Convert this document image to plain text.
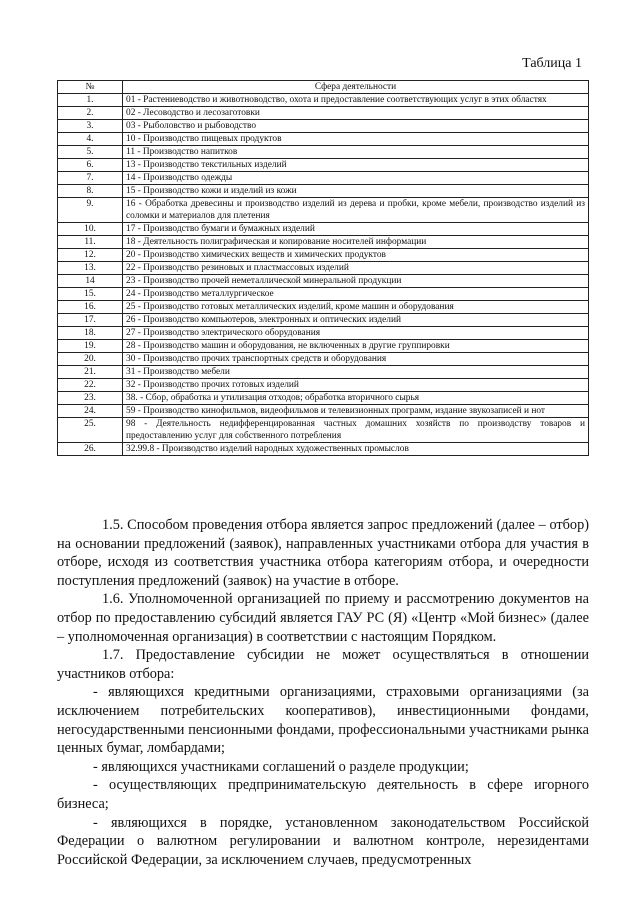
Таблица 1
№	Сфера деятельности
1.	01 - Растениеводство и животноводство, охота и предоставление соответствующих услуг в этих областях
2.	02 - Лесоводство и лесозаготовки
3.	03 - Рыболовство и рыбоводство
4.	10 - Производство пищевых продуктов
5.	11 - Производство напитков
6.	13 - Производство текстильных изделий
7.	14 - Производство одежды
8.	15 - Производство кожи и изделий из кожи
9.	16 - Обработка древесины и производство изделий из дерева и пробки, кроме мебели, производство изделий из соломки и материалов для плетения
10.	17 - Производство бумаги и бумажных изделий
11.	18 - Деятельность полиграфическая и копирование носителей информации
12.	20 - Производство химических веществ и химических продуктов
13.	22 - Производство резиновых и пластмассовых изделий
14	23 - Производство прочей неметаллической минеральной продукции
15.	24 - Производство металлургическое
16.	25 - Производство готовых металлических изделий, кроме машин и оборудования
17.	26 - Производство компьютеров, электронных и оптических изделий
18.	27 - Производство электрического оборудования
19.	28 - Производство машин и оборудования, не включенных в другие группировки
20.	30 - Производство прочих транспортных средств и оборудования
21.	31 - Производство мебели
22.	32 - Производство прочих готовых изделий
23.	38. - Сбор, обработка и утилизация отходов; обработка вторичного сырья
24.	59 - Производство кинофильмов, видеофильмов и телевизионных программ, издание звукозаписей и нот
25.	98 - Деятельность недифференцированная частных домашних хозяйств по производству товаров и предоставлению услуг для собственного потребления
26.	32.99.8 - Производство изделий народных художественных промыслов

1.5. Способом проведения отбора является запрос предложений (далее – отбор) на основании предложений (заявок), направленных участниками отбора для участия в отборе, исходя из соответствия участника отбора категориям отбора, и очередности поступления предложений (заявок) на участие в отборе.

1.6. Уполномоченной организацией по приему и рассмотрению документов на отбор по предоставлению субсидий является ГАУ РС (Я) «Центр «Мой бизнес» (далее – уполномоченная организация) в соответствии с настоящим Порядком.

1.7. Предоставление субсидии не может осуществляться в отношении участников отбора:

- являющихся кредитными организациями, страховыми организациями (за исключением потребительских кооперативов), инвестиционными фондами, негосударственными пенсионными фондами, профессиональными участниками рынка ценных бумаг, ломбардами;

- являющихся участниками соглашений о разделе продукции;

- осуществляющих предпринимательскую деятельность в сфере игорного бизнеса;

- являющихся в порядке, установленном законодательством Российской Федерации о валютном регулировании и валютном контроле, нерезидентами Российской Федерации, за исключением случаев, предусмотренных
